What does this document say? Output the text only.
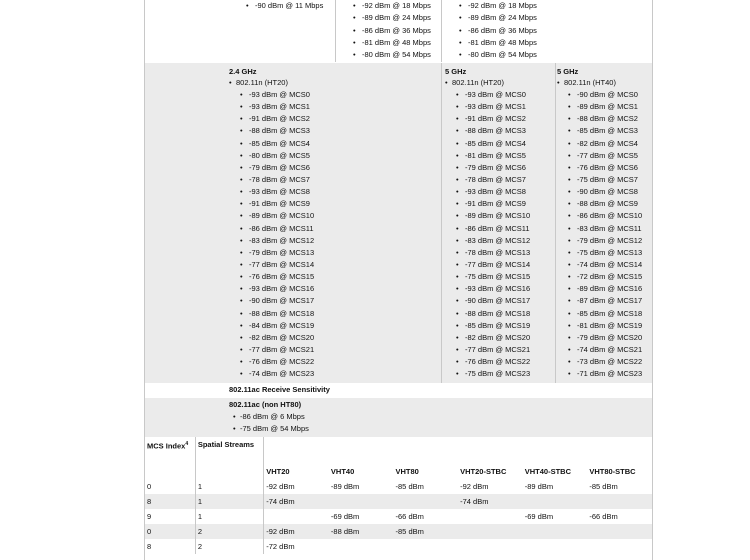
• -90 dBm @ 11 Mbps	• -92 dBm @ 18 Mbps
• -89 dBm @ 24 Mbps
• -86 dBm @ 36 Mbps
• -81 dBm @ 48 Mbps
• -80 dBm @ 54 Mbps
• -92 dBm @ 18 Mbps
• -89 dBm @ 24 Mbps
• -86 dBm @ 36 Mbps
• -81 dBm @ 48 Mbps
• -80 dBm @ 54 Mbps
2.4 GHz
• 802.11n (HT20)
• -93 dBm @ MCS0
• -93 dBm @ MCS1
• -91 dBm @ MCS2
• -88 dBm @ MCS3
• -85 dBm @ MCS4
• -80 dBm @ MCS5
• -79 dBm @ MCS6
• -78 dBm @ MCS7
• -93 dBm @ MCS8
• -91 dBm @ MCS9
• -89 dBm @ MCS10
• -86 dBm @ MCS11
• -83 dBm @ MCS12
• -79 dBm @ MCS13
• -77 dBm @ MCS14
• -76 dBm @ MCS15
• -93 dBm @ MCS16
• -90 dBm @ MCS17
• -88 dBm @ MCS18
• -84 dBm @ MCS19
• -82 dBm @ MCS20
• -77 dBm @ MCS21
• -76 dBm @ MCS22
• -74 dBm @ MCS23
5 GHz
• 802.11n (HT20)
• -93 dBm @ MCS0
• -93 dBm @ MCS1
• -91 dBm @ MCS2
• -88 dBm @ MCS3
• -85 dBm @ MCS4
• -81 dBm @ MCS5
• -79 dBm @ MCS6
• -78 dBm @ MCS7
• -93 dBm @ MCS8
• -91 dBm @ MCS9
• -89 dBm @ MCS10
• -86 dBm @ MCS11
• -83 dBm @ MCS12
• -78 dBm @ MCS13
• -77 dBm @ MCS14
• -75 dBm @ MCS15
• -93 dBm @ MCS16
• -90 dBm @ MCS17
• -88 dBm @ MCS18
• -85 dBm @ MCS19
• -82 dBm @ MCS20
• -77 dBm @ MCS21
• -76 dBm @ MCS22
• -75 dBm @ MCS23
5 GHz
• 802.11n (HT40)
• -90 dBm @ MCS0
• -89 dBm @ MCS1
• -88 dBm @ MCS2
• -85 dBm @ MCS3
• -82 dBm @ MCS4
• -77 dBm @ MCS5
• -76 dBm @ MCS6
• -75 dBm @ MCS7
• -90 dBm @ MCS8
• -88 dBm @ MCS9
• -86 dBm @ MCS10
• -83 dBm @ MCS11
• -79 dBm @ MCS12
• -75 dBm @ MCS13
• -74 dBm @ MCS14
• -72 dBm @ MCS15
• -89 dBm @ MCS16
• -87 dBm @ MCS17
• -85 dBm @ MCS18
• -81 dBm @ MCS19
• -79 dBm @ MCS20
• -74 dBm @ MCS21
• -73 dBm @ MCS22
• -71 dBm @ MCS23
802.11ac Receive Sensitivity
802.11ac (non HT80)
• -86 dBm @ 6 Mbps
• -75 dBm @ 54 Mbps
MCS Index$^4$	Spatial Streams						
		VHT20	VHT40	VHT80	VHT20-STBC	VHT40-STBC	VHT80-STBC
0	1	-92 dBm	-89 dBm	-85 dBm	-92 dBm	-89 dBm	-85 dBm
8	1	-74 dBm			-74 dBm		
9	1		-69 dBm	-66 dBm		-69 dBm	-66 dBm
0	2	-92 dBm	-88 dBm	-85 dBm			
8	2	-72 dBm					
